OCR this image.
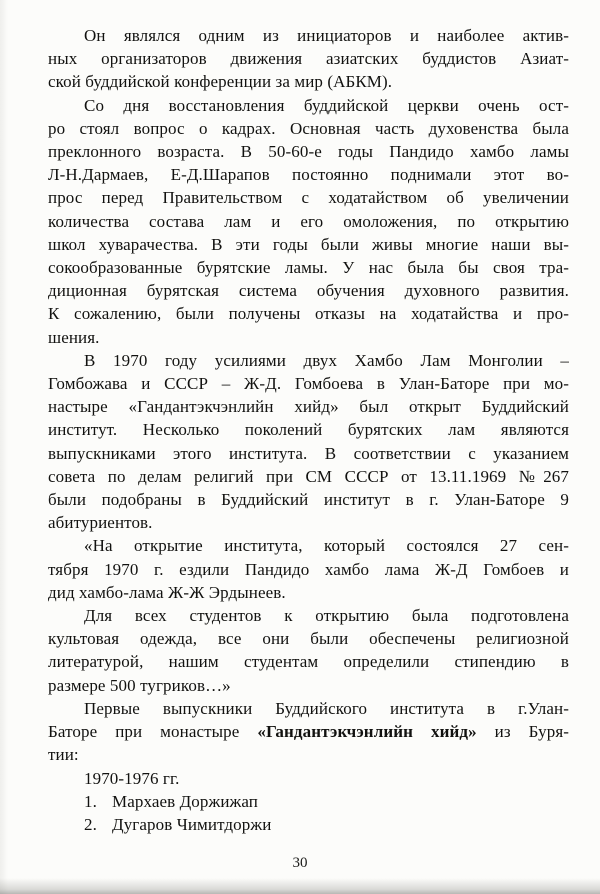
Он являлся одним из инициаторов и наиболее актив-
ных организаторов движения азиатских буддистов Азиат-
ской буддийской конференции за мир (АБКМ).
Со дня восстановления буддийской церкви очень ост-
ро стоял вопрос о кадрах. Основная часть духовенства была
преклонного возраста. В 50-60-е годы Пандидо хамбо ламы
Л-Н.Дармаев, Е-Д.Шарапов постоянно поднимали этот во-
прос перед Правительством с ходатайством об увеличении
количества состава лам и его омоложения, по открытию
школ хуварачества. В эти годы были живы многие наши вы-
сокообразованные бурятские ламы. У нас была бы своя тра-
диционная бурятская система обучения духовного развития.
К сожалению, были получены отказы на ходатайства и про-
шения.
В 1970 году усилиями двух Хамбо Лам Монголии –
Гомбожава и СССР – Ж-Д. Гомбоева в Улан-Баторе при мо-
настыре «Гандантэкчэнлийн хийд» был открыт Буддийский
институт. Несколько поколений бурятских лам являются
выпускниками этого института. В соответствии с указанием
совета по делам религий при СМ СССР от 13.11.1969 №267
были подобраны в Буддийский институт в г. Улан-Баторе 9
абитуриентов.
«На открытие института, который состоялся 27 сен-
тября 1970 г. ездили Пандидо хамбо лама Ж-Д Гомбоев и
дид хамбо-лама Ж-Ж Эрдынеев.
Для всех студентов к открытию была подготовлена
культовая одежда, все они были обеспечены религиозной
литературой, нашим студентам определили стипендию в
размере 500 тугриков…»
Первые выпускники Буддийского института в г.Улан-
Баторе при монастыре «Гандантэкчэнлийн хийд» из Буря-
тии:
1970-1976 гг.
1. Мархаев Доржижап
2. Дугаров Чимитдоржи
30
